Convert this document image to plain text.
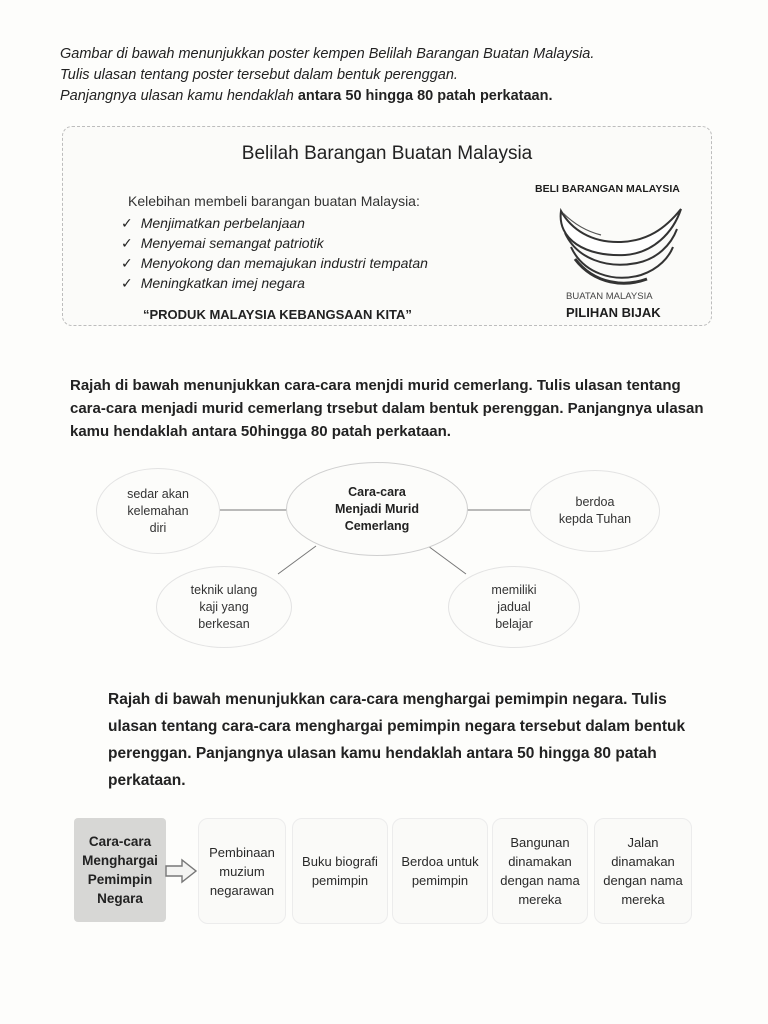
Gambar di bawah menunjukkan poster kempen Belilah Barangan Buatan Malaysia.
Tulis ulasan tentang poster tersebut dalam bentuk perenggan.
Panjangnya ulasan kamu hendaklah antara 50 hingga 80 patah perkataan.
Belilah Barangan Buatan Malaysia
Kelebihan membeli barangan buatan Malaysia:
✓ Menjimatkan perbelanjaan
✓ Menyemai semangat patriotik
✓ Menyokong dan memajukan industri tempatan
✓ Meningkatkan imej negara
“PRODUK MALAYSIA KEBANGSAAN KITA”
BELI BARANGAN MALAYSIA
BUATAN MALAYSIA
PILIHAN BIJAK
Rajah di bawah menunjukkan cara-cara menjdi murid cemerlang. Tulis ulasan tentang cara-cara menjadi murid cemerlang trsebut dalam bentuk perenggan. Panjangnya ulasan kamu hendaklah antara 50hingga 80 patah perkataan.
sedar akan
kelemahan
diri
Cara-cara
Menjadi Murid
Cemerlang
berdoa
kepda Tuhan
teknik ulang
kaji yang
berkesan
memiliki
jadual
belajar
Rajah di bawah menunjukkan cara-cara menghargai pemimpin negara. Tulis ulasan tentang cara-cara menghargai pemimpin negara tersebut dalam bentuk perenggan. Panjangnya ulasan kamu hendaklah antara 50 hingga 80 patah perkataan.
Cara-cara
Menghargai
Pemimpin
Negara
Pembinaan
muzium
negarawan
Buku biografi
pemimpin
Berdoa untuk
pemimpin
Bangunan
dinamakan
dengan nama
mereka
Jalan
dinamakan
dengan nama
mereka
